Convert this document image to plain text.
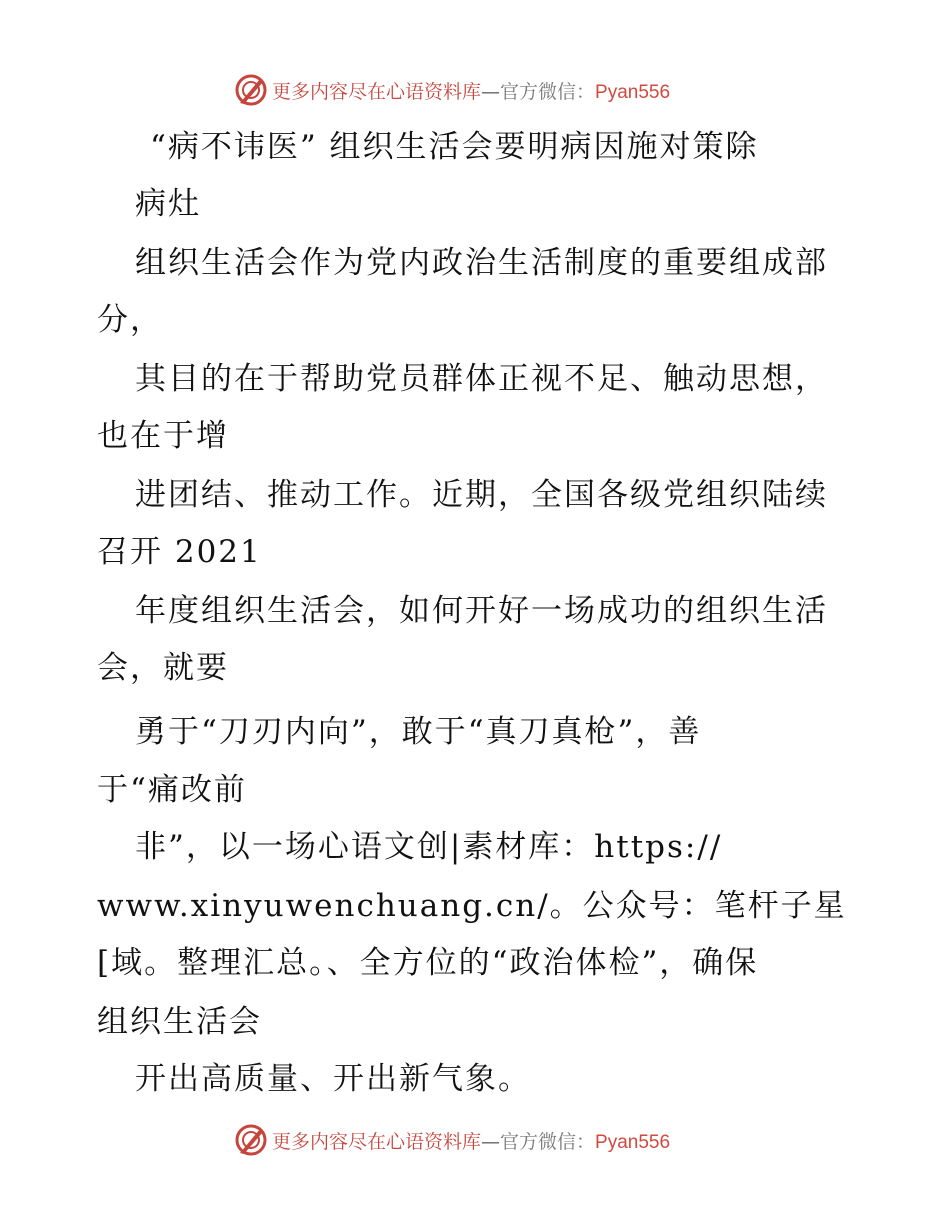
更多内容尽在心语资料库—官方微信：Pyan556
“病不讳医” 组织生活会要明病因施对策除
病灶
组织生活会作为党内政治生活制度的重要组成部
分，
其目的在于帮助党员群体正视不足、触动思想，
也在于增
进团结、推动工作。近期，全国各级党组织陆续
召开 2021
年度组织生活会，如何开好一场成功的组织生活
会，就要
勇于“刀刃内向”，敢于“真刀真枪”，善
于“痛改前
非”，以一场心语文创|素材库：https://
www.xinyuwenchuang.cn/。公众号：笔杆子星
[域。整理汇总。、全方位的“政治体检”，确保
组织生活会
开出高质量、开出新气象。
更多内容尽在心语资料库—官方微信：Pyan556
